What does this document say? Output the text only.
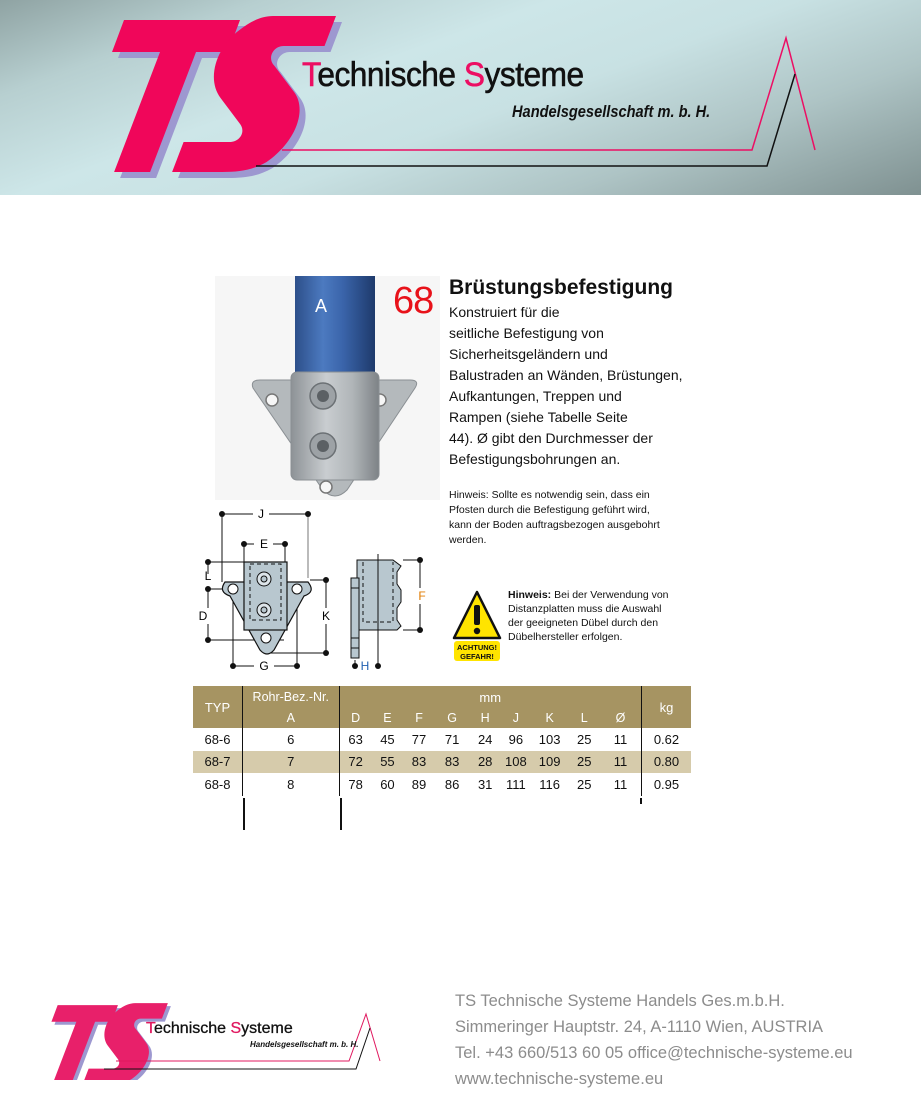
Technische Systeme
Handelsgesellschaft m. b. H.
A 68 Brüstungsbefestigung
Konstruiert für die
seitliche Befestigung von
Sicherheitsgeländern und
Balustraden an Wänden, Brüstungen,
Aufkantungen, Treppen und
Rampen (siehe Tabelle Seite
44). Ø gibt den Durchmesser der
Befestigungsbohrungen an.
Hinweis: Sollte es notwendig sein, dass ein
Pfosten durch die Befestigung geführt wird,
kann der Boden auftragsbezogen ausgebohrt
werden.
ACHTUNG!
GEFAHR!
Hinweis: Bei der Verwendung von
Distanzplatten muss die Auswahl
der geeigneten Dübel durch den
Dübelhersteller erfolgen.
J
E
L
D	K
G
F
H
TYP	Rohr-Bez.-Nr.	mm									kg
	A	D	E	F	G	H	J	K	L	Ø	
68-6	6	63	45	77	71	24	96	103	25	11	0.62
68-7	7	72	55	83	83	28	108	109	25	11	0.80
68-8	8	78	60	89	86	31	111	116	25	11	0.95
Technische Systeme
Handelsgesellschaft m. b. H.
TS Technische Systeme Handels Ges.m.b.H.
Simmeringer Hauptstr. 24, A-1110 Wien, AUSTRIA
Tel. +43 660/513 60 05 office@technische-systeme.eu
www.technische-systeme.eu
